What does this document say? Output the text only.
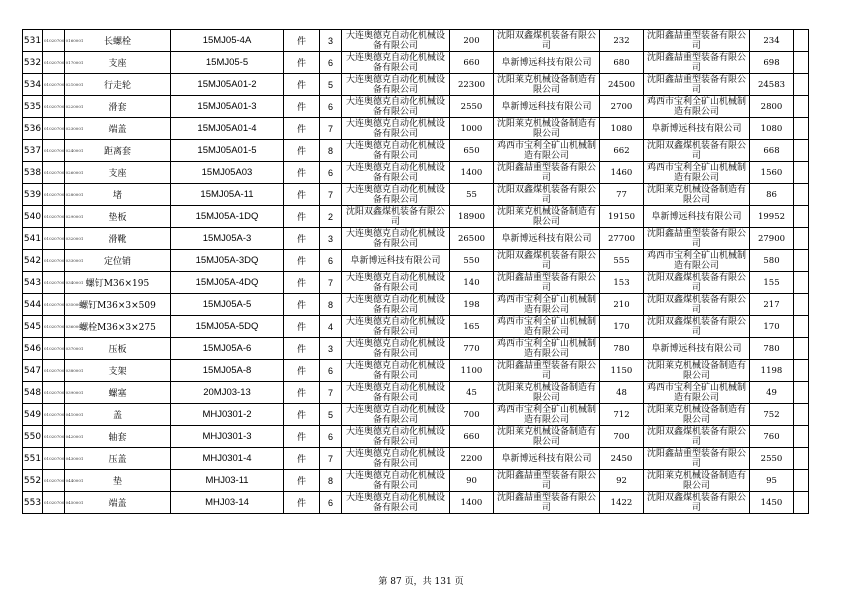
531	01020700 0160001	长螺栓	15MJ05-4A	件	3	大连奥德克自动化机械设备有限公司	200	沈阳双鑫煤机装备有限公司	232	沈阳鑫喆重型装备有限公司	234	
532	01020700 0170001	支座	15MJ05-5	件	6	大连奥德克自动化机械设备有限公司	660	阜新博远科技有限公司	680	沈阳鑫喆重型装备有限公司	698	
534	01020700 0210001	行走轮	15MJ05A01-2	件	5	大连奥德克自动化机械设备有限公司	22300	沈阳莱克机械设备制造有限公司	24500	沈阳鑫喆重型装备有限公司	24583	
535	01020700 0220001	滑套	15MJ05A01-3	件	6	大连奥德克自动化机械设备有限公司	2550	阜新博远科技有限公司	2700	鸡西市宝利全矿山机械制造有限公司	2800	
536	01020700 0230001	端盖	15MJ05A01-4	件	7	大连奥德克自动化机械设备有限公司	1000	沈阳莱克机械设备制造有限公司	1080	阜新博远科技有限公司	1080	
537	01020700 0240001	距离套	15MJ05A01-5	件	8	大连奥德克自动化机械设备有限公司	650	鸡西市宝利全矿山机械制造有限公司	662	沈阳双鑫煤机装备有限公司	668	
538	01020700 0260001	支座	15MJ05A03	件	6	大连奥德克自动化机械设备有限公司	1400	沈阳鑫喆重型装备有限公司	1460	鸡西市宝利全矿山机械制造有限公司	1560	
539	01020700 0280001	堵	15MJ05A-11	件	7	大连奥德克自动化机械设备有限公司	55	沈阳双鑫煤机装备有限公司	77	沈阳莱克机械设备制造有限公司	86	
540	01020700 0290001	垫板	15MJ05A-1DQ	件	2	沈阳双鑫煤机装备有限公司	18900	沈阳莱克机械设备制造有限公司	19150	阜新博远科技有限公司	19952	
541	01020700 0320001	滑靴	15MJ05A-3	件	3	大连奥德克自动化机械设备有限公司	26500	阜新博远科技有限公司	27700	沈阳鑫喆重型装备有限公司	27900	
542	01020700 0330001	定位销	15MJ05A-3DQ	件	6	阜新博远科技有限公司	550	沈阳双鑫煤机装备有限公司	555	鸡西市宝利全矿山机械制造有限公司	580	
543	01020700 0340001	螺钉M36×195	15MJ05A-4DQ	件	7	大连奥德克自动化机械设备有限公司	140	沈阳鑫喆重型装备有限公司	153	沈阳双鑫煤机装备有限公司	155	
544	01020700 0350001	螺钉M36×3×509	15MJ05A-5	件	8	大连奥德克自动化机械设备有限公司	198	鸡西市宝利全矿山机械制造有限公司	210	沈阳双鑫煤机装备有限公司	217	
545	01020700 0360001	螺栓M36×3×275	15MJ05A-5DQ	件	4	大连奥德克自动化机械设备有限公司	165	鸡西市宝利全矿山机械制造有限公司	170	沈阳双鑫煤机装备有限公司	170	
546	01020700 0370001	压板	15MJ05A-6	件	3	大连奥德克自动化机械设备有限公司	770	鸡西市宝利全矿山机械制造有限公司	780	阜新博远科技有限公司	780	
547	01020700 0380001	支架	15MJ05A-8	件	6	大连奥德克自动化机械设备有限公司	1100	沈阳鑫喆重型装备有限公司	1150	沈阳莱克机械设备制造有限公司	1198	
548	01020700 0390001	螺塞	20MJ03-13	件	7	大连奥德克自动化机械设备有限公司	45	沈阳莱克机械设备制造有限公司	48	鸡西市宝利全矿山机械制造有限公司	49	
549	01020700 0410001	盖	MHJ0301-2	件	5	大连奥德克自动化机械设备有限公司	700	鸡西市宝利全矿山机械制造有限公司	712	沈阳莱克机械设备制造有限公司	752	
550	01020700 0420001	轴套	MHJ0301-3	件	6	大连奥德克自动化机械设备有限公司	660	沈阳莱克机械设备制造有限公司	700	沈阳双鑫煤机装备有限公司	760	
551	01020700 0430001	压盖	MHJ0301-4	件	7	大连奥德克自动化机械设备有限公司	2200	阜新博远科技有限公司	2450	沈阳鑫喆重型装备有限公司	2550	
552	01020700 0440001	垫	MHJ03-11	件	8	大连奥德克自动化机械设备有限公司	90	沈阳鑫喆重型装备有限公司	92	沈阳莱克机械设备制造有限公司	95	
553	01020700 0450001	端盖	MHJ03-14	件	6	大连奥德克自动化机械设备有限公司	1400	沈阳鑫喆重型装备有限公司	1422	沈阳双鑫煤机装备有限公司	1450	
第 87 页，共 131 页
